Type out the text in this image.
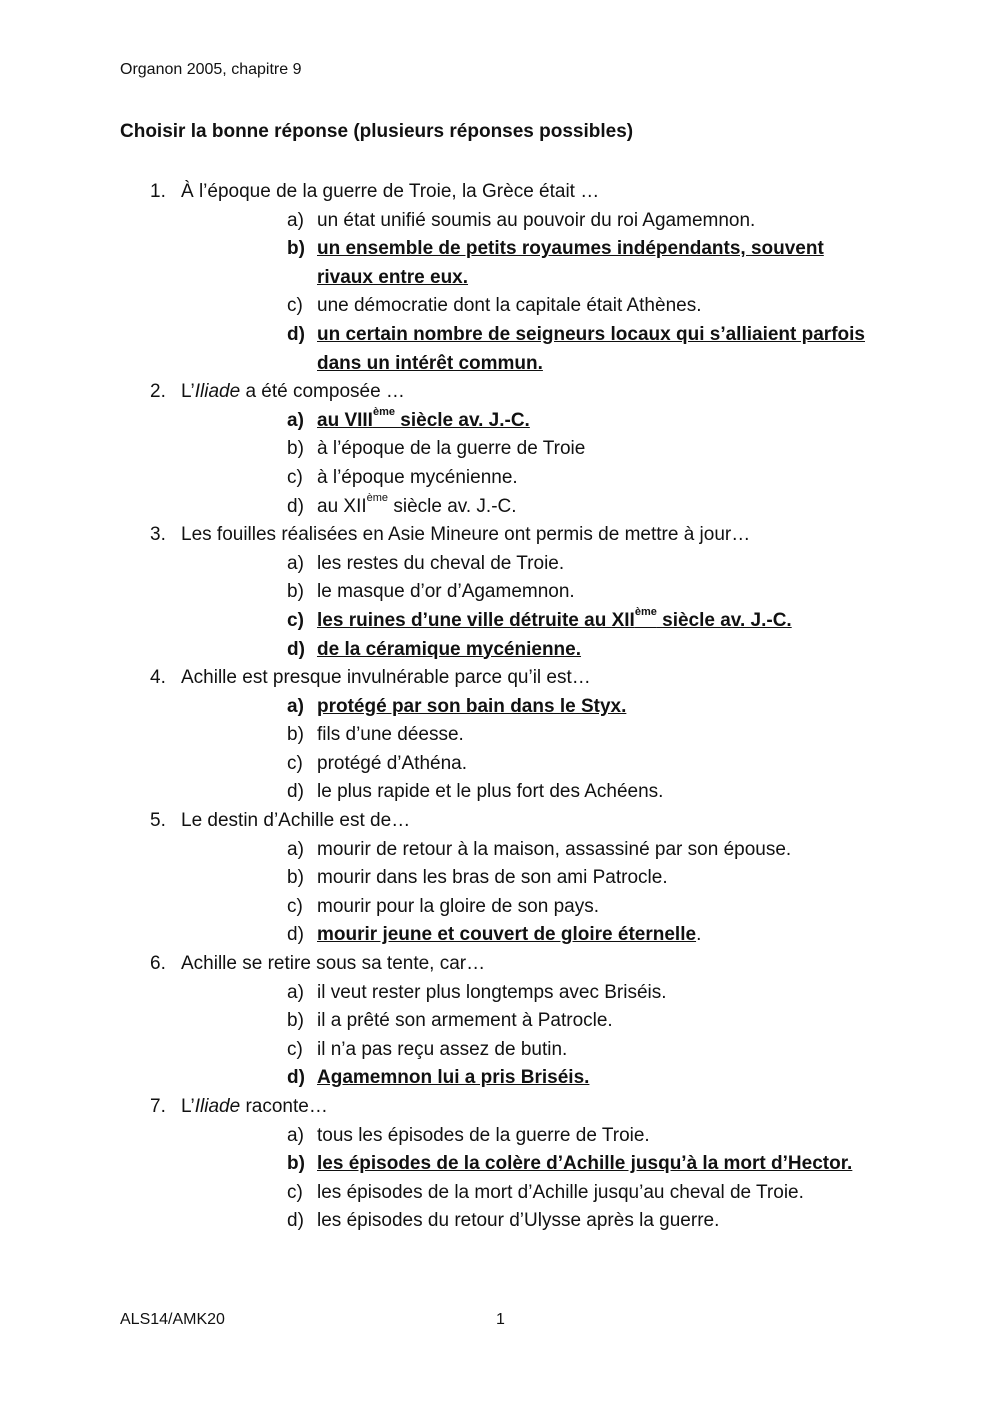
Organon 2005, chapitre 9
Choisir la bonne réponse (plusieurs réponses possibles)
1. À l’époque de la guerre de Troie, la Grèce était …
a) un état unifié soumis au pouvoir du roi Agamemnon.
b) un ensemble de petits royaumes indépendants, souvent rivaux entre eux.
c) une démocratie dont la capitale était Athènes.
d) un certain nombre de seigneurs locaux qui s’alliaient parfois dans un intérêt commun.
2. L’Iliade a été composée …
a) au VIIIème siècle av. J.-C.
b) à l’époque de la guerre de Troie
c) à l’époque mycénienne.
d) au XIIème siècle av. J.-C.
3. Les fouilles réalisées en Asie Mineure ont permis de mettre à jour…
a) les restes du cheval de Troie.
b) le masque d’or d’Agamemnon.
c) les ruines d’une ville détruite au XIIème siècle av. J.-C.
d) de la céramique mycénienne.
4. Achille est presque invulnérable parce qu’il est…
a) protégé par son bain dans le Styx.
b) fils d’une déesse.
c) protégé d’Athéna.
d) le plus rapide et le plus fort des Achéens.
5. Le destin d’Achille est de…
a) mourir de retour à la maison, assassiné par son épouse.
b) mourir dans les bras de son ami Patrocle.
c) mourir pour la gloire de son pays.
d) mourir jeune et couvert de gloire éternelle.
6. Achille se retire sous sa tente, car…
a) il veut rester plus longtemps avec Briséis.
b) il a prêté son armement à Patrocle.
c) il n’a pas reçu assez de butin.
d) Agamemnon lui a pris Briséis.
7. L’Iliade raconte…
a) tous les épisodes de la guerre de Troie.
b) les épisodes de la colère d’Achille jusqu’à la mort d’Hector.
c) les épisodes de la mort d’Achille jusqu’au cheval de Troie.
d) les épisodes du retour d’Ulysse après la guerre.
ALS14/AMK20	1
